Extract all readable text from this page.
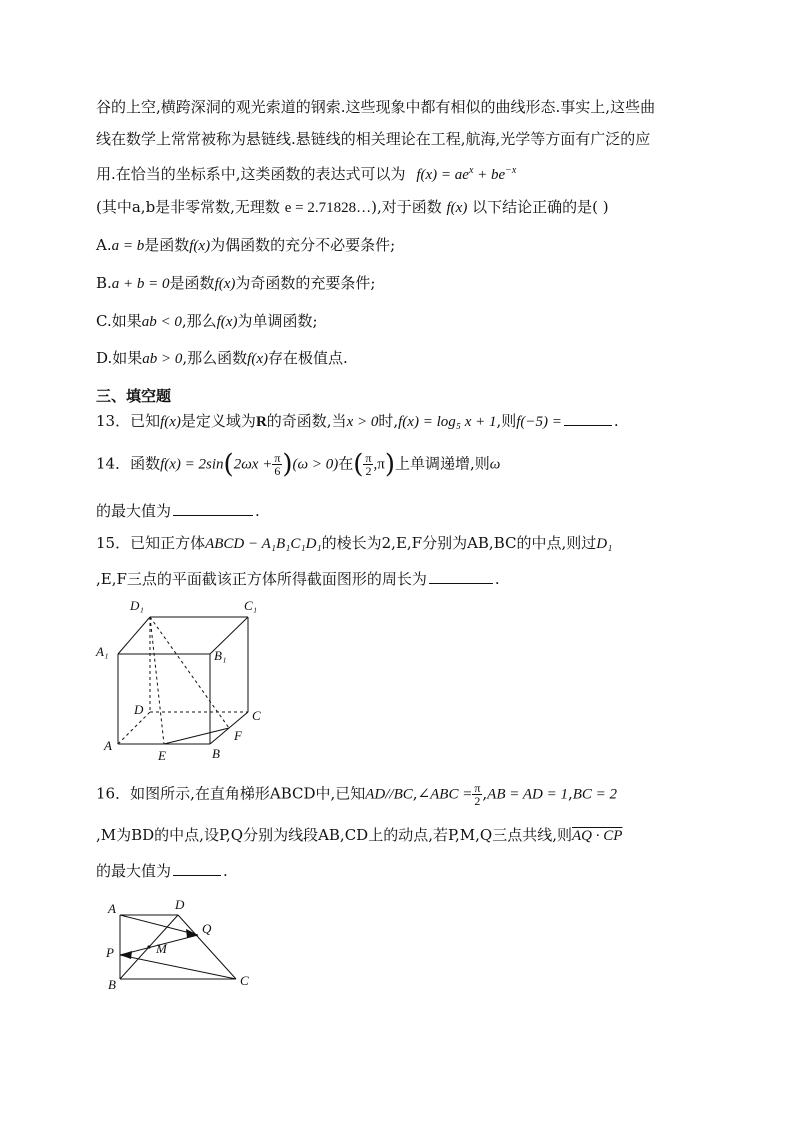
谷的上空,横跨深洞的观光索道的钢索.这些现象中都有相似的曲线形态.事实上,这些曲
线在数学上常常被称为悬链线.悬链线的相关理论在工程,航海,光学等方面有广泛的应
用.在恰当的坐标系中,这类函数的表达式可以为 $f(x) = ae^x + be^{-x}$
(其中a,b是非零常数,无理数 e = 2.71828…),对于函数 f(x) 以下结论正确的是( )
A.a = b是函数f(x)为偶函数的充分不必要条件;
B.a + b = 0是函数f(x)为奇函数的充要条件;
C.如果ab < 0,那么f(x)为单调函数;
D.如果ab > 0,那么函数f(x)存在极值点.
三、填空题
13．已知f(x)是定义域为R的奇函数,当x > 0时,f(x) = log₅ x + 1,则f(−5) =	.
14．函数$f(x) = 2\sin(2\omega x + \frac{\pi}{6} )(\omega > 0)$在( $\frac{\pi}{2} ,\pi$)上单调递增,则ω
的最大值为	.
15．已知正方体ABCD − A₁B₁C₁D₁的棱长为2,E,F分别为AB,BC的中点,则过D₁
,E,F三点的平面截该正方体所得截面图形的周长为	.
D₁	C₁
A₁	B₁
D	C
A
E	B
F
16．如图所示,在直角梯形ABCD中,已知AD//BC,∠ABC = $\frac{\pi}{2} ,AB$ = AD = 1,BC = 2
,M为BD的中点,设P,Q分别为线段AB,CD上的动点,若P,M,Q三点共线,则AQ · CP
的最大值为	.
A	D
Q
P	M
B	C
